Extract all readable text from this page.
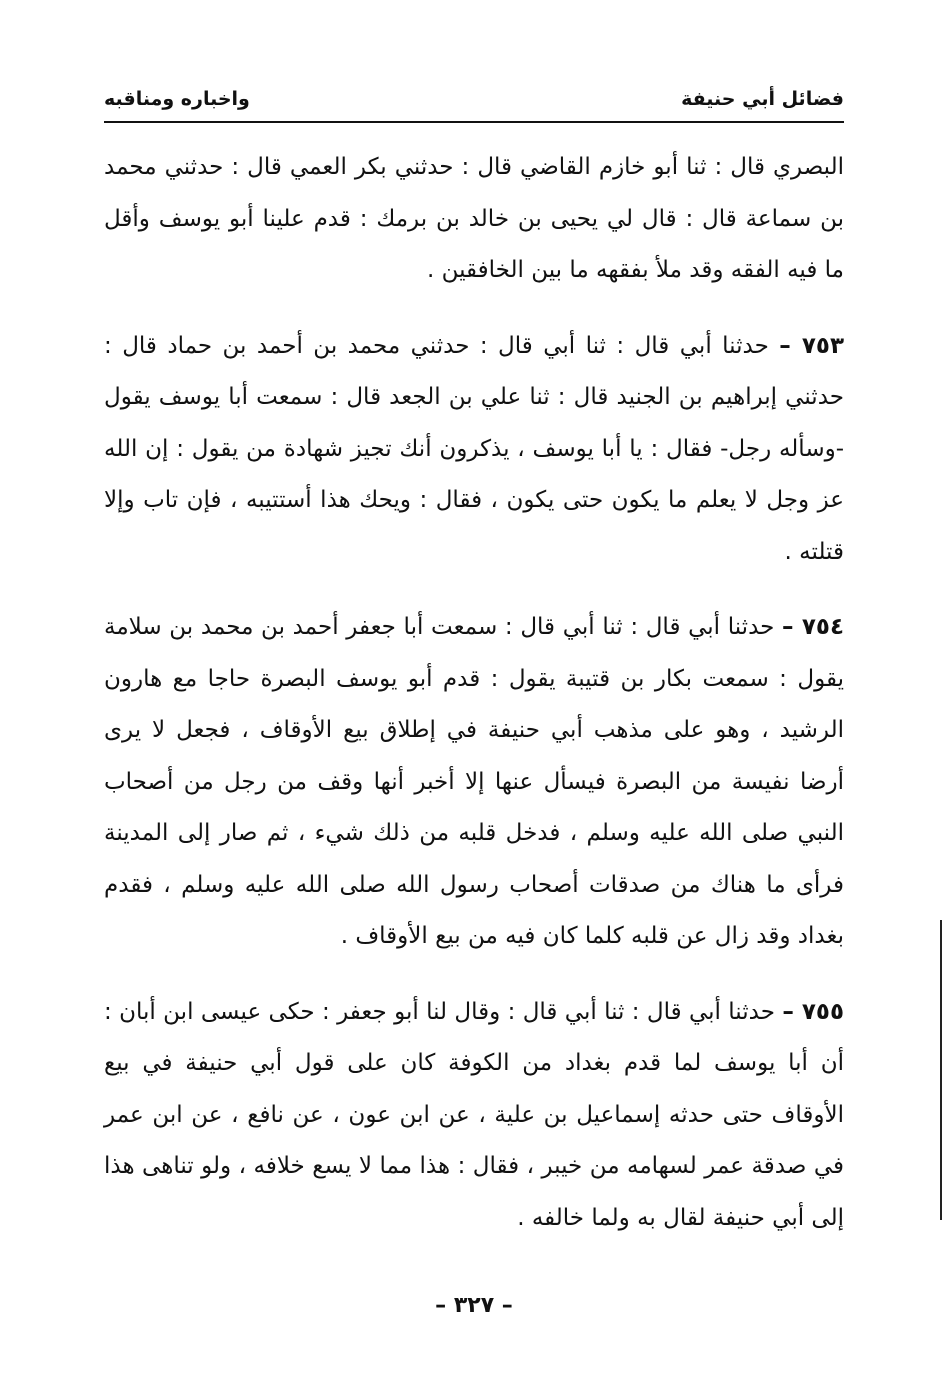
فضائل أبي حنيفة
واخباره ومناقبه

البصري قال : ثنا أبو خازم القاضي قال : حدثني بكر العمي قال : حدثني محمد بن سماعة قال : قال لي يحيى بن خالد بن برمك : قدم علينا أبو يوسف وأقل ما فيه الفقه وقد ملأ بفقهه ما بين الخافقين .

٧٥٣ – حدثنا أبي قال : ثنا أبي قال : حدثني محمد بن أحمد بن حماد قال : حدثني إبراهيم بن الجنيد قال : ثنا علي بن الجعد قال : سمعت أبا يوسف يقول -وسأله رجل- فقال : يا أبا يوسف ، يذكرون أنك تجيز شهادة من يقول : إن الله عز وجل لا يعلم ما يكون حتى يكون ، فقال : ويحك هذا أستتيبه ، فإن تاب وإلا قتلته .

٧٥٤ – حدثنا أبي قال : ثنا أبي قال : سمعت أبا جعفر أحمد بن محمد بن سلامة يقول : سمعت بكار بن قتيبة يقول : قدم أبو يوسف البصرة حاجا مع هارون الرشيد ، وهو على مذهب أبي حنيفة في إطلاق بيع الأوقاف ، فجعل لا يرى أرضا نفيسة من البصرة فيسأل عنها إلا أخبر أنها وقف من رجل من أصحاب النبي صلى الله عليه وسلم ، فدخل قلبه من ذلك شيء ، ثم صار إلى المدينة فرأى ما هناك من صدقات أصحاب رسول الله صلى الله عليه وسلم ، فقدم بغداد وقد زال عن قلبه كلما كان فيه من بيع الأوقاف .

٧٥٥ – حدثنا أبي قال : ثنا أبي قال : وقال لنا أبو جعفر : حكى عيسى ابن أبان : أن أبا يوسف لما قدم بغداد من الكوفة كان على قول أبي حنيفة في بيع الأوقاف حتى حدثه إسماعيل بن علية ، عن ابن عون ، عن نافع ، عن ابن عمر في صدقة عمر لسهامه من خيبر ، فقال : هذا مما لا يسع خلافه ، ولو تناهى هذا إلى أبي حنيفة لقال به ولما خالفه .

– ٣٢٧ –
